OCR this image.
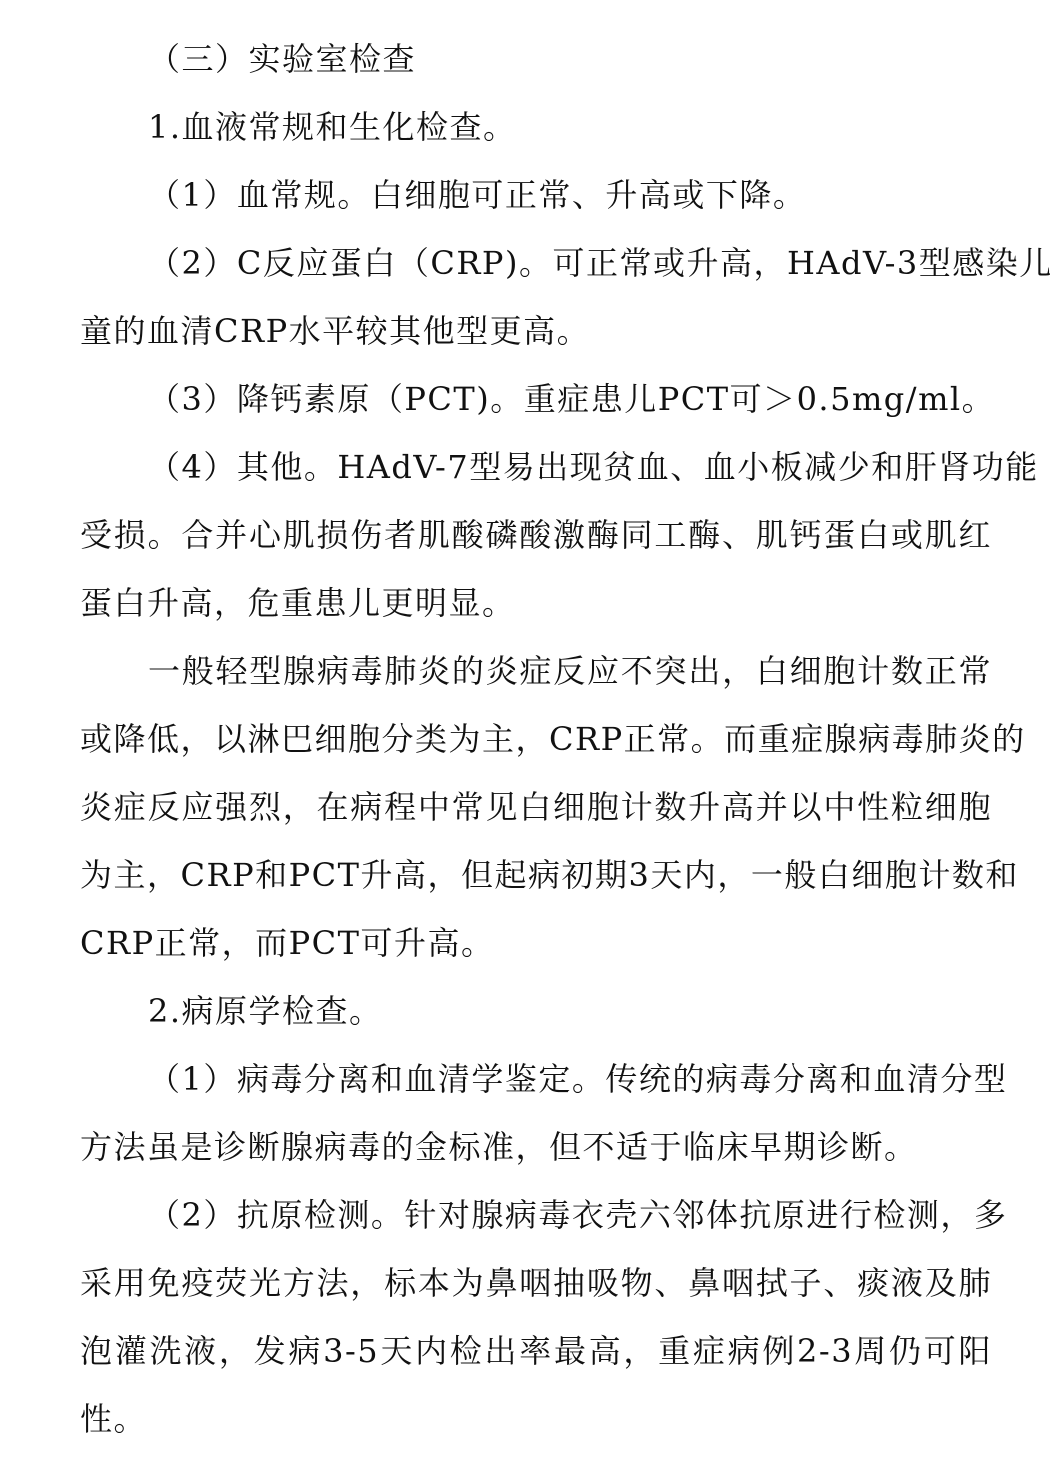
（三）实验室检查
1.血液常规和生化检查。
（1）血常规。白细胞可正常、升高或下降。
（2）C反应蛋白（CRP)。可正常或升高，HAdV-3型感染儿
童的血清CRP水平较其他型更高。
（3）降钙素原（PCT)。重症患儿PCT可＞0.5mg/ml。
（4）其他。HAdV-7型易出现贫血、血小板减少和肝肾功能
受损。合并心肌损伤者肌酸磷酸激酶同工酶、肌钙蛋白或肌红
蛋白升高，危重患儿更明显。
一般轻型腺病毒肺炎的炎症反应不突出，白细胞计数正常
或降低，以淋巴细胞分类为主，CRP正常。而重症腺病毒肺炎的
炎症反应强烈，在病程中常见白细胞计数升高并以中性粒细胞
为主，CRP和PCT升高，但起病初期3天内，一般白细胞计数和
CRP正常，而PCT可升高。
2.病原学检查。
（1）病毒分离和血清学鉴定。传统的病毒分离和血清分型
方法虽是诊断腺病毒的金标准，但不适于临床早期诊断。
（2）抗原检测。针对腺病毒衣壳六邻体抗原进行检测，多
采用免疫荧光方法，标本为鼻咽抽吸物、鼻咽拭子、痰液及肺
泡灌洗液，发病3-5天内检出率最高，重症病例2-3周仍可阳
性。
